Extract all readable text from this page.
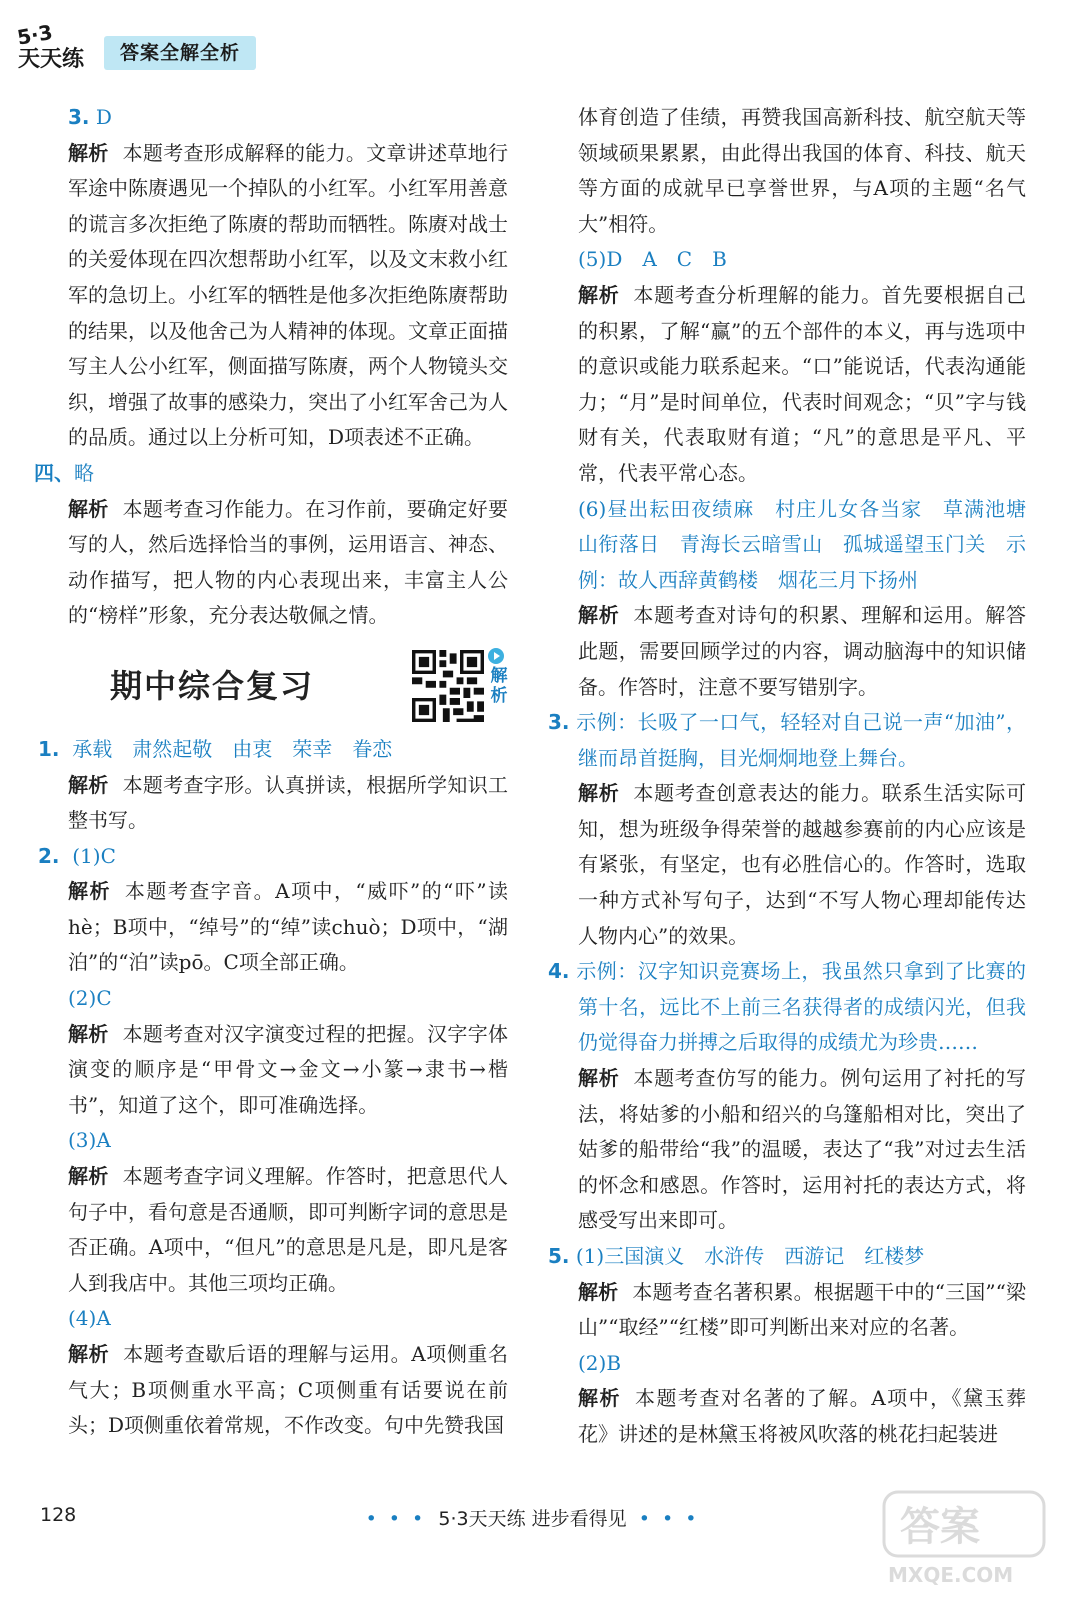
5·3
天天练	答案全解全析

3. D

解析 本题考查形成解释的能力。文章讲述草地行军途中陈赓遇见一个掉队的小红军。小红军用善意的谎言多次拒绝了陈赓的帮助而牺牲。陈赓对战士的关爱体现在四次想帮助小红军，以及文末救小红军的急切上。小红军的牺牲是他多次拒绝陈赓帮助的结果，以及他舍己为人精神的体现。文章正面描写主人公小红军，侧面描写陈赓，两个人物镜头交织，增强了故事的感染力，突出了小红军舍己为人的品质。通过以上分析可知，D项表述不正确。

四、略

解析 本题考查习作能力。在习作前，要确定好要写的人，然后选择恰当的事例，运用语言、神态、动作描写，把人物的内心表现出来，丰富主人公的“榜样”形象，充分表达敬佩之情。

期中综合复习	解析

1. 承载　肃然起敬　由衷　荣幸　眷恋

解析 本题考查字形。认真拼读，根据所学知识工整书写。

2. (1)C

解析 本题考查字音。A项中，“威吓”的“吓”读hè；B项中，“绰号”的“绰”读chuò；D项中，“湖泊”的“泊”读pō。C项全部正确。

(2)C

解析 本题考查对汉字演变过程的把握。汉字字体演变的顺序是“甲骨文→金文→小篆→隶书→楷书”，知道了这个，即可准确选择。

(3)A

解析 本题考查字词义理解。作答时，把意思代人句子中，看句意是否通顺，即可判断字词的意思是否正确。A项中，“但凡”的意思是凡是，即凡是客人到我店中。其他三项均正确。

(4)A

解析 本题考查歇后语的理解与运用。A项侧重名气大；B项侧重水平高；C项侧重有话要说在前头；D项侧重依着常规，不作改变。句中先赞我国

体育创造了佳绩，再赞我国高新科技、航空航天等领域硕果累累，由此得出我国的体育、科技、航天等方面的成就早已享誉世界，与A项的主题“名气大”相符。

(5)D　A　C　B

解析 本题考查分析理解的能力。首先要根据自己的积累，了解“赢”的五个部件的本义，再与选项中的意识或能力联系起来。“口”能说话，代表沟通能力；“月”是时间单位，代表时间观念；“贝”字与钱财有关，代表取财有道；“凡”的意思是平凡、平常，代表平常心态。

(6)昼出耘田夜绩麻　村庄儿女各当家　草满池塘　山衔落日　青海长云暗雪山　孤城遥望玉门关　示例：故人西辞黄鹤楼　烟花三月下扬州

解析 本题考查对诗句的积累、理解和运用。解答此题，需要回顾学过的内容，调动脑海中的知识储备。作答时，注意不要写错别字。

3. 示例：长吸了一口气，轻轻对自己说一声“加油”，继而昂首挺胸，目光炯炯地登上舞台。

解析 本题考查创意表达的能力。联系生活实际可知，想为班级争得荣誉的越越参赛前的内心应该是有紧张，有坚定，也有必胜信心的。作答时，选取一种方式补写句子，达到“不写人物心理却能传达人物内心”的效果。

4. 示例：汉字知识竞赛场上，我虽然只拿到了比赛的第十名，远比不上前三名获得者的成绩闪光，但我仍觉得奋力拼搏之后取得的成绩尤为珍贵……

解析 本题考查仿写的能力。例句运用了衬托的写法，将姑爹的小船和绍兴的乌篷船相对比，突出了姑爹的船带给“我”的温暖，表达了“我”对过去生活的怀念和感恩。作答时，运用衬托的表达方式，将感受写出来即可。

5. (1)三国演义　水浒传　西游记　红楼梦

解析 本题考查名著积累。根据题干中的“三国”“梁山”“取经”“红楼”即可判断出来对应的名著。

(2)B

解析 本题考查对名著的了解。A项中，《黛玉葬花》讲述的是林黛玉将被风吹落的桃花扫起装进

128	• • • 5·3天天练 进步看得见 • • •	答案
MXQE.COM
